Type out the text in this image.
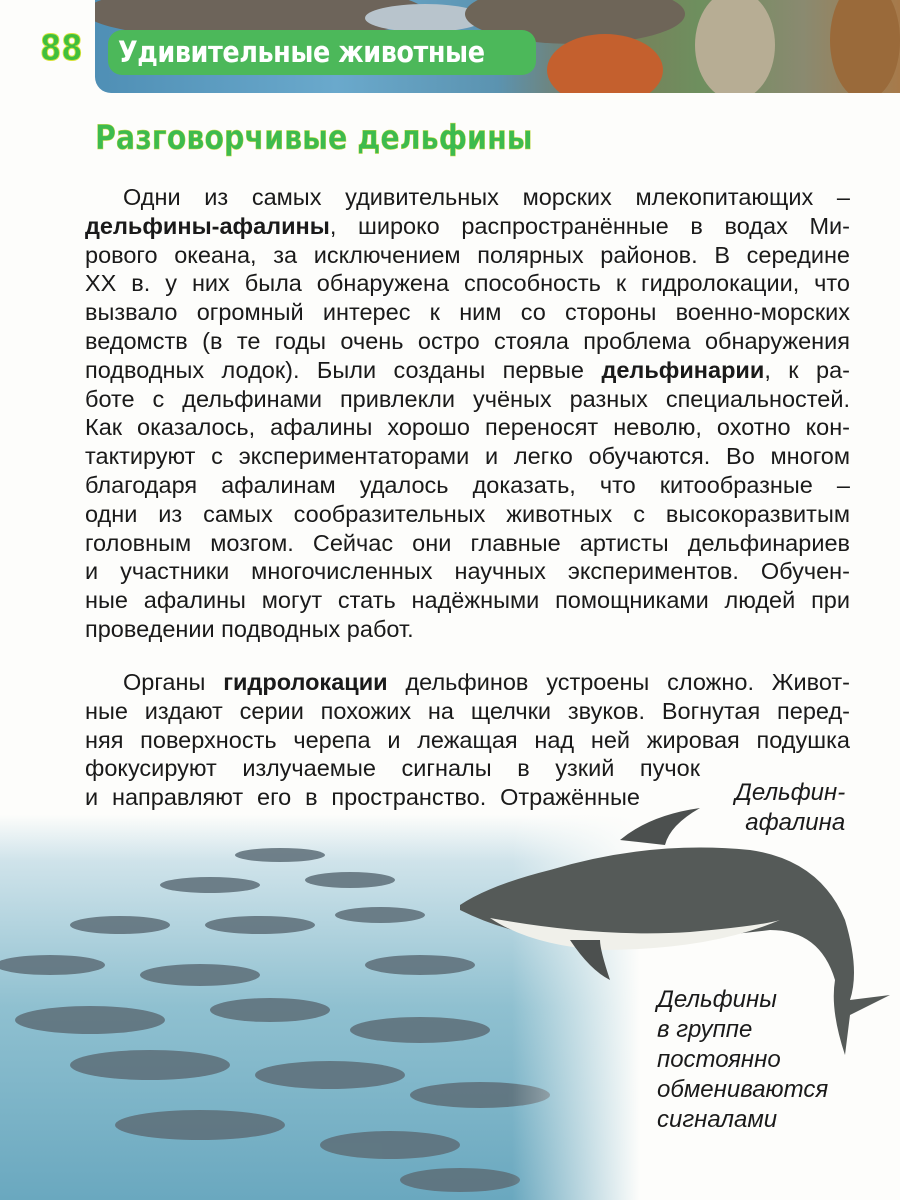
Удивительные животные
88
Разговорчивые дельфины
Одни из самых удивительных морских млекопитающих –
дельфины-афалины, широко распространённые в водах Ми-
рового океана, за исключением полярных районов. В середине
XX в. у них была обнаружена способность к гидролокации, что
вызвало огромный интерес к ним со стороны военно-морских
ведомств (в те годы очень остро стояла проблема обнаружения
подводных лодок). Были созданы первые дельфинарии, к ра-
боте с дельфинами привлекли учёных разных специальностей.
Как оказалось, афалины хорошо переносят неволю, охотно кон-
тактируют с экспериментаторами и легко обучаются. Во многом
благодаря афалинам удалось доказать, что китообразные –
одни из самых сообразительных животных с высокоразвитым
головным мозгом. Сейчас они главные артисты дельфинариев
и участники многочисленных научных экспериментов. Обучен-
ные афалины могут стать надёжными помощниками людей при
проведении подводных работ.
Органы гидролокации дельфинов устроены сложно. Живот-
ные издают серии похожих на щелчки звуков. Вогнутая перед-
няя поверхность черепа и лежащая над ней жировая подушка
фокусируют излучаемые сигналы в узкий пучок
и направляют его в пространство. Отражённые	Дельфин-
афалина
Дельфины
в группе
постоянно
обмениваются
сигналами
